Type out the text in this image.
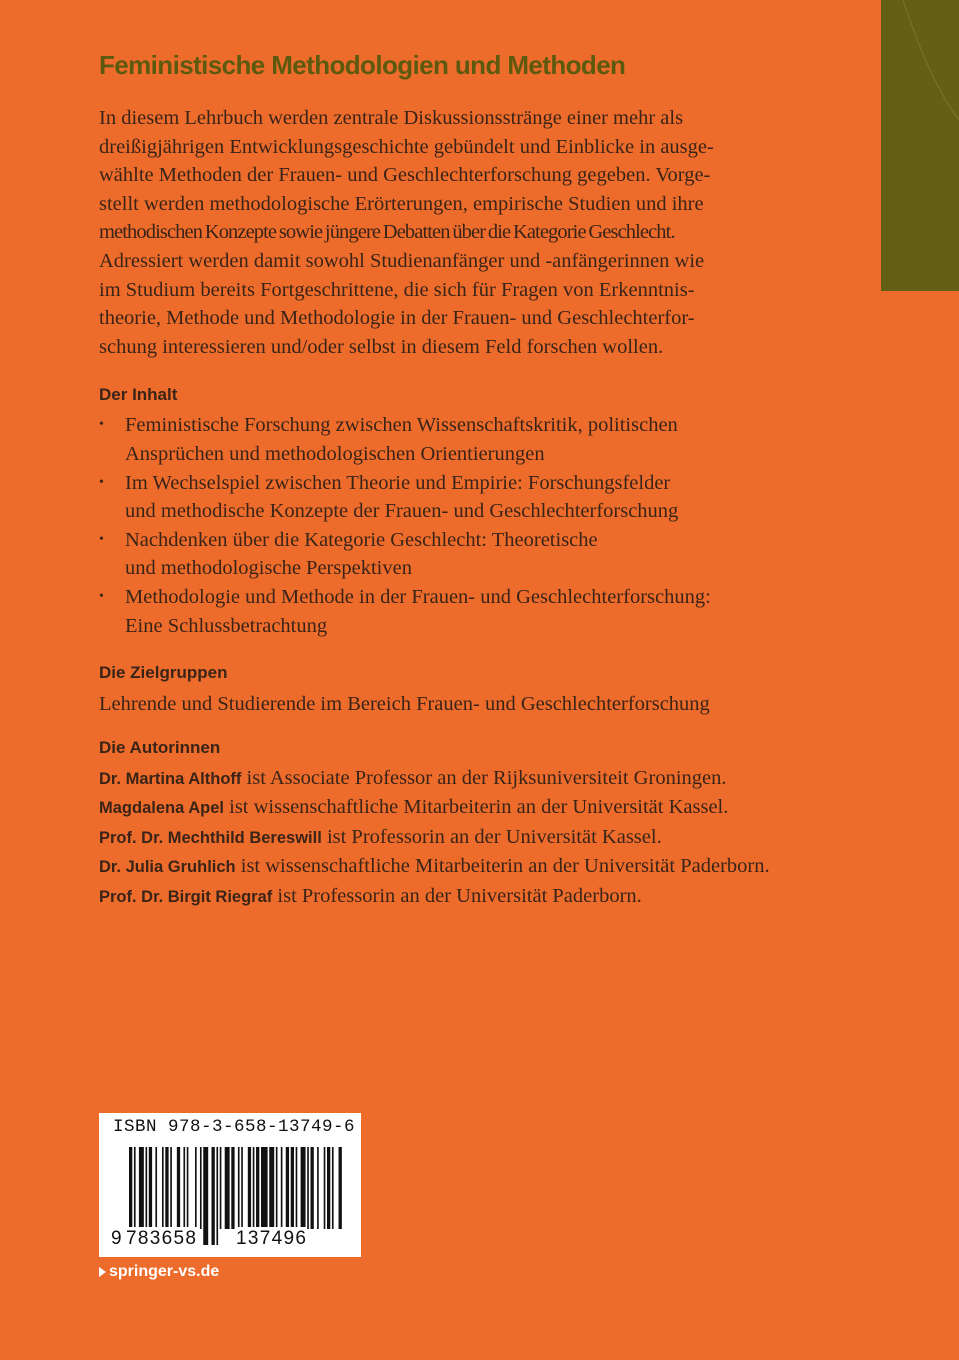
Feministische Methodologien und Methoden

In diesem Lehrbuch werden zentrale Diskussionsstränge einer mehr als
dreißigjährigen Entwicklungsgeschichte gebündelt und Einblicke in ausge-
wählte Methoden der Frauen- und Geschlechterforschung gegeben. Vorge-
stellt werden methodologische Erörterungen, empirische Studien und ihre
methodischen Konzepte sowie jüngere Debatten über die Kategorie Geschlecht.
Adressiert werden damit sowohl Studienanfänger und -anfängerinnen wie
im Studium bereits Fortgeschrittene, die sich für Fragen von Erkenntnis-
theorie, Methode und Methodologie in der Frauen- und Geschlechterfor-
schung interessieren und/oder selbst in diesem Feld forschen wollen.

Der Inhalt
• Feministische Forschung zwischen Wissenschaftskritik, politischen
Ansprüchen und methodologischen Orientierungen
• Im Wechselspiel zwischen Theorie und Empirie: Forschungsfelder
und methodische Konzepte der Frauen- und Geschlechterforschung
• Nachdenken über die Kategorie Geschlecht: Theoretische
und methodologische Perspektiven
• Methodologie und Methode in der Frauen- und Geschlechterforschung:
Eine Schlussbetrachtung
Die Zielgruppen

Lehrende und Studierende im Bereich Frauen- und Geschlechterforschung

Die Autorinnen

Dr. Martina Althoff ist Associate Professor an der Rijksuniversiteit Groningen.

Magdalena Apel ist wissenschaftliche Mitarbeiterin an der Universität Kassel.

Prof. Dr. Mechthild Bereswill ist Professorin an der Universität Kassel.

Dr. Julia Gruhlich ist wissenschaftliche Mitarbeiterin an der Universität Paderborn.

Prof. Dr. Birgit Riegraf ist Professorin an der Universität Paderborn.

ISBN 978-3-658-13749-6
9 783658 137496
springer-vs.de
